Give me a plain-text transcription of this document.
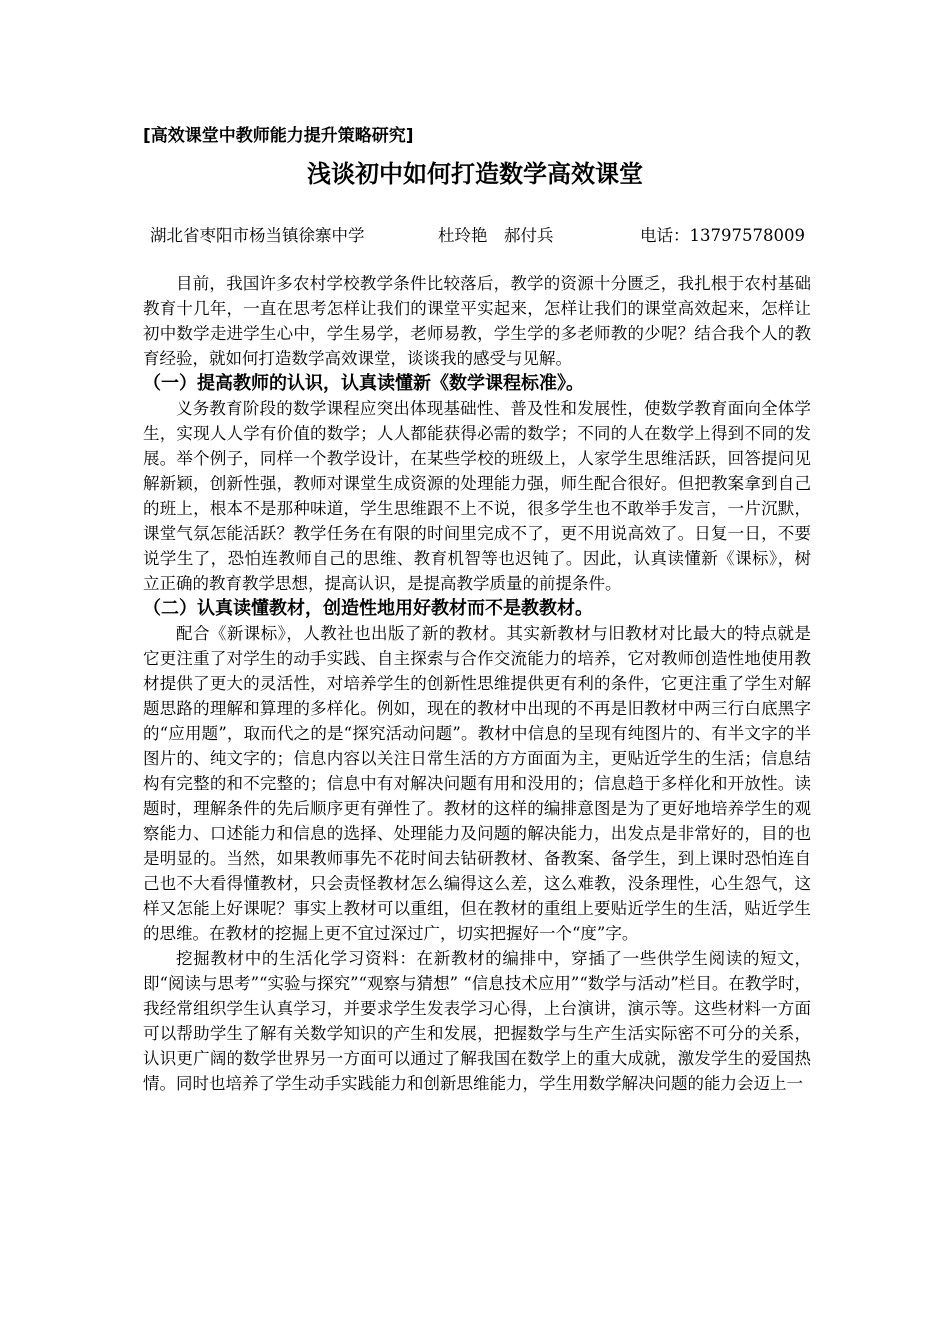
[高效课堂中教师能力提升策略研究]
浅谈初中如何打造数学高效课堂
湖北省枣阳市杨当镇徐寨中学	杜玲艳　郝付兵	电话：13797578009

目前，我国许多农村学校教学条件比较落后，教学的资源十分匮乏，我扎根于农村基础教育十几年，一直在思考怎样让我们的课堂平实起来，怎样让我们的课堂高效起来，怎样让初中数学走进学生心中，学生易学，老师易教，学生学的多老师教的少呢？结合我个人的教育经验，就如何打造数学高效课堂，谈谈我的感受与见解。

（一）提高教师的认识，认真读懂新《数学课程标准》。

义务教育阶段的数学课程应突出体现基础性、普及性和发展性，使数学教育面向全体学生，实现人人学有价值的数学；人人都能获得必需的数学；不同的人在数学上得到不同的发展。举个例子，同样一个教学设计，在某些学校的班级上，人家学生思维活跃，回答提问见解新颖，创新性强，教师对课堂生成资源的处理能力强，师生配合很好。但把教案拿到自己的班上，根本不是那种味道，学生思维跟不上不说，很多学生也不敢举手发言，一片沉默，课堂气氛怎能活跃？教学任务在有限的时间里完成不了，更不用说高效了。日复一日，不要说学生了，恐怕连教师自己的思维、教育机智等也迟钝了。因此，认真读懂新《课标》，树立正确的教育教学思想，提高认识，是提高教学质量的前提条件。

（二）认真读懂教材，创造性地用好教材而不是教教材。

配合《新课标》，人教社也出版了新的教材。其实新教材与旧教材对比最大的特点就是它更注重了对学生的动手实践、自主探索与合作交流能力的培养，它对教师创造性地使用教材提供了更大的灵活性，对培养学生的创新性思维提供更有利的条件，它更注重了学生对解题思路的理解和算理的多样化。例如，现在的教材中出现的不再是旧教材中两三行白底黑字的“应用题”，取而代之的是“探究活动问题”。教材中信息的呈现有纯图片的、有半文字的半图片的、纯文字的；信息内容以关注日常生活的方方面面为主，更贴近学生的生活；信息结构有完整的和不完整的；信息中有对解决问题有用和没用的；信息趋于多样化和开放性。读题时，理解条件的先后顺序更有弹性了。教材的这样的编排意图是为了更好地培养学生的观察能力、口述能力和信息的选择、处理能力及问题的解决能力，出发点是非常好的，目的也是明显的。当然，如果教师事先不花时间去钻研教材、备教案、备学生，到上课时恐怕连自己也不大看得懂教材，只会责怪教材怎么编得这么差，这么难教，没条理性，心生怨气，这样又怎能上好课呢？事实上教材可以重组，但在教材的重组上要贴近学生的生活，贴近学生的思维。在教材的挖掘上更不宜过深过广，切实把握好一个“度”字。

挖掘教材中的生活化学习资料：在新教材的编排中，穿插了一些供学生阅读的短文，即“阅读与思考”“实验与探究”“观察与猜想” “信息技术应用”“数学与活动”栏目。在教学时，我经常组织学生认真学习，并要求学生发表学习心得，上台演讲，演示等。这些材料一方面可以帮助学生了解有关数学知识的产生和发展，把握数学与生产生活实际密不可分的关系，认识更广阔的数学世界另一方面可以通过了解我国在数学上的重大成就，激发学生的爱国热情。同时也培养了学生动手实践能力和创新思维能力，学生用数学解决问题的能力会迈上一
